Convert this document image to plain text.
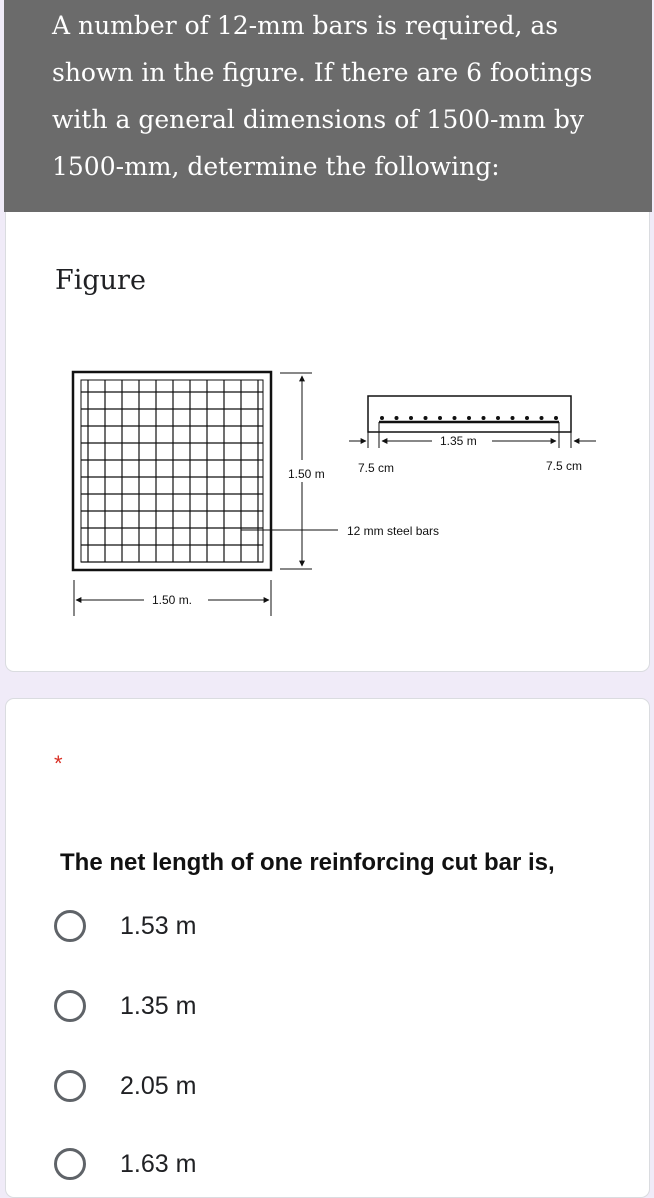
A number of 12-mm bars is required, as shown in the figure. If there are 6 footings with a general dimensions of 1500-mm by 1500-mm, determine the following:
Figure
1.50 m
1.50 m.
12 mm steel bars
1.35 m
7.5 cm	7.5 cm
*
The net length of one reinforcing cut bar is,
1.53 m
1.35 m
2.05 m
1.63 m
